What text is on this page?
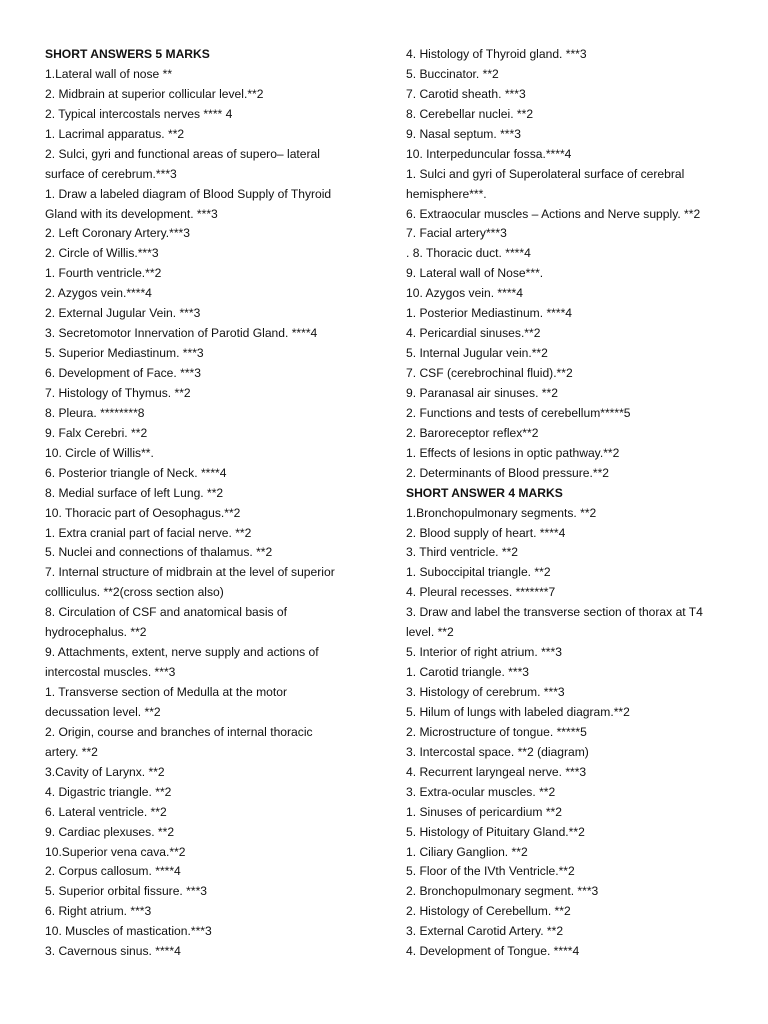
SHORT ANSWERS 5 MARKS
1.Lateral wall of nose **
2. Midbrain at superior collicular level.**2
2. Typical intercostals nerves **** 4
1. Lacrimal apparatus. **2
2. Sulci, gyri and functional areas of supero– lateral
surface of cerebrum.***3
1. Draw a labeled diagram of Blood Supply of Thyroid
Gland with its development. ***3
2. Left Coronary Artery.***3
2. Circle of Willis.***3
1. Fourth ventricle.**2
2. Azygos vein.****4
2. External Jugular Vein. ***3
3. Secretomotor Innervation of Parotid Gland. ****4
5. Superior Mediastinum. ***3
6. Development of Face. ***3
7. Histology of Thymus. **2
8. Pleura. ********8
9. Falx Cerebri. **2
10. Circle of Willis**.
6. Posterior triangle of Neck. ****4
8. Medial surface of left Lung. **2
10. Thoracic part of Oesophagus.**2
1. Extra cranial part of facial nerve. **2
5. Nuclei and connections of thalamus. **2
7. Internal structure of midbrain at the level of superior
collliculus. **2(cross section also)
8. Circulation of CSF and anatomical basis of
hydrocephalus. **2
9. Attachments, extent, nerve supply and actions of
intercostal muscles. ***3
1. Transverse section of Medulla at the motor
decussation level. **2
2. Origin, course and branches of internal thoracic
artery. **2
3.Cavity of Larynx. **2
4. Digastric triangle. **2
6. Lateral ventricle. **2
9. Cardiac plexuses. **2
10.Superior vena cava.**2
2. Corpus callosum. ****4
5. Superior orbital fissure. ***3
6. Right atrium. ***3
10. Muscles of mastication.***3
3. Cavernous sinus. ****4
4. Histology of Thyroid gland. ***3
5. Buccinator. **2
7. Carotid sheath. ***3
8. Cerebellar nuclei. **2
9. Nasal septum. ***3
10. Interpeduncular fossa.****4
1. Sulci and gyri of Superolateral surface of cerebral
hemisphere***.
6. Extraocular muscles – Actions and Nerve supply. **2
7. Facial artery***3
. 8. Thoracic duct. ****4
9. Lateral wall of Nose***.
10. Azygos vein. ****4
1. Posterior Mediastinum. ****4
4. Pericardial sinuses.**2
5. Internal Jugular vein.**2
7. CSF (cerebrochinal fluid).**2
9. Paranasal air sinuses. **2
2. Functions and tests of cerebellum*****5
2. Baroreceptor reflex**2
1. Effects of lesions in optic pathway.**2
2. Determinants of Blood pressure.**2
SHORT ANSWER 4 MARKS
1.Bronchopulmonary segments. **2
2. Blood supply of heart. ****4
3. Third ventricle. **2
1. Suboccipital triangle. **2
4. Pleural recesses. *******7
3. Draw and label the transverse section of thorax at T4
level. **2
5. Interior of right atrium. ***3
1. Carotid triangle. ***3
3. Histology of cerebrum. ***3
5. Hilum of lungs with labeled diagram.**2
2. Microstructure of tongue. *****5
3. Intercostal space. **2 (diagram)
4. Recurrent laryngeal nerve. ***3
3. Extra-ocular muscles. **2
1. Sinuses of pericardium **2
5. Histology of Pituitary Gland.**2
1. Ciliary Ganglion. **2
5. Floor of the IVth Ventricle.**2
2. Bronchopulmonary segment. ***3
2. Histology of Cerebellum. **2
3. External Carotid Artery. **2
4. Development of Tongue. ****4
